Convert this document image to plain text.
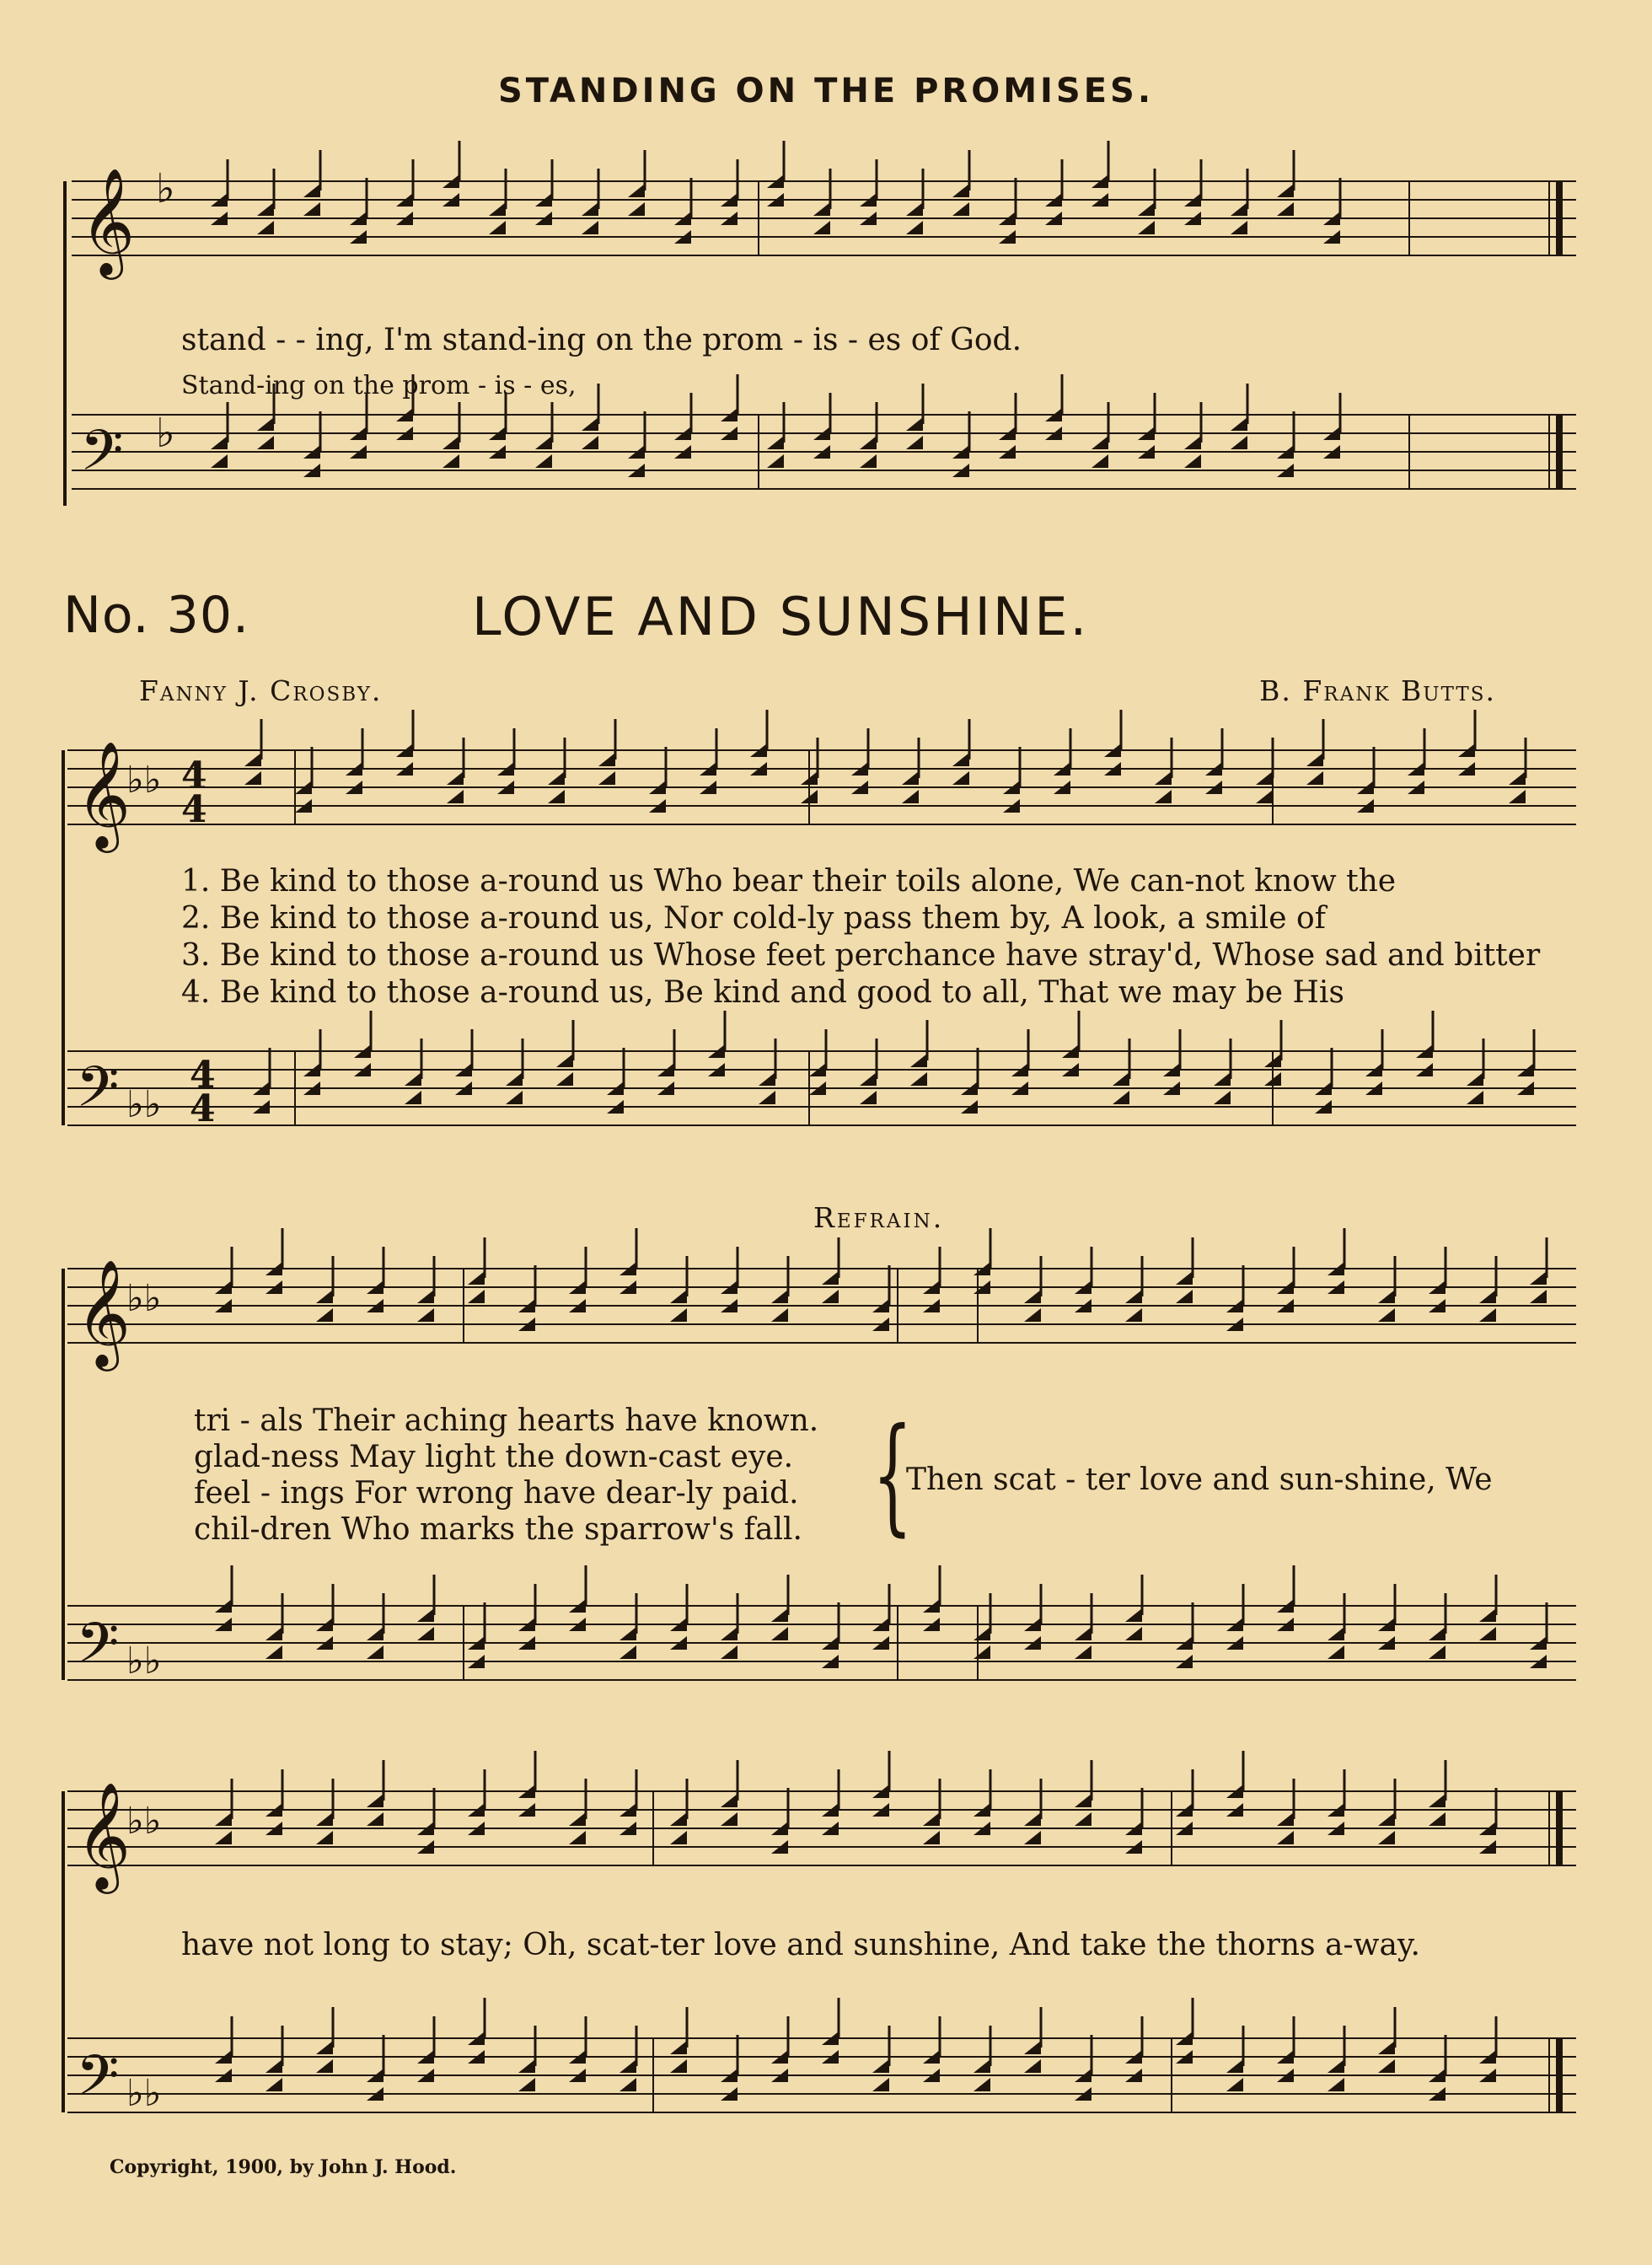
STANDING ON THE PROMISES.
𝄞
𝄢
♭
♭
𝄞
♭♭ 4
4
𝄢 ♭♭
4
4
𝄞
♭♭
𝄢 ♭♭
𝄞
♭♭
𝄢 ♭♭
stand - - ing, I'm stand-ing on the prom - is - es of God.
Stand-ing on the prom - is - es,
No. 30.	LOVE AND SUNSHINE.
Fanny J. Crosby.	B. Frank Butts.
1. Be kind to those a-round us Who bear their toils alone, We can-not know the
2. Be kind to those a-round us, Nor cold-ly pass them by, A look, a smile of
3. Be kind to those a-round us Whose feet perchance have stray'd, Whose sad and bitter
4. Be kind to those a-round us, Be kind and good to all, That we may be His
Refrain.
tri - als Their aching hearts have known.
glad-ness May light the down-cast eye.
feel - ings For wrong have dear-ly paid.
chil-dren Who marks the sparrow's fall. {
Then scat - ter love and sun-shine, We
have not long to stay; Oh, scat-ter love and sunshine, And take the thorns a-way.
Copyright, 1900, by John J. Hood.
